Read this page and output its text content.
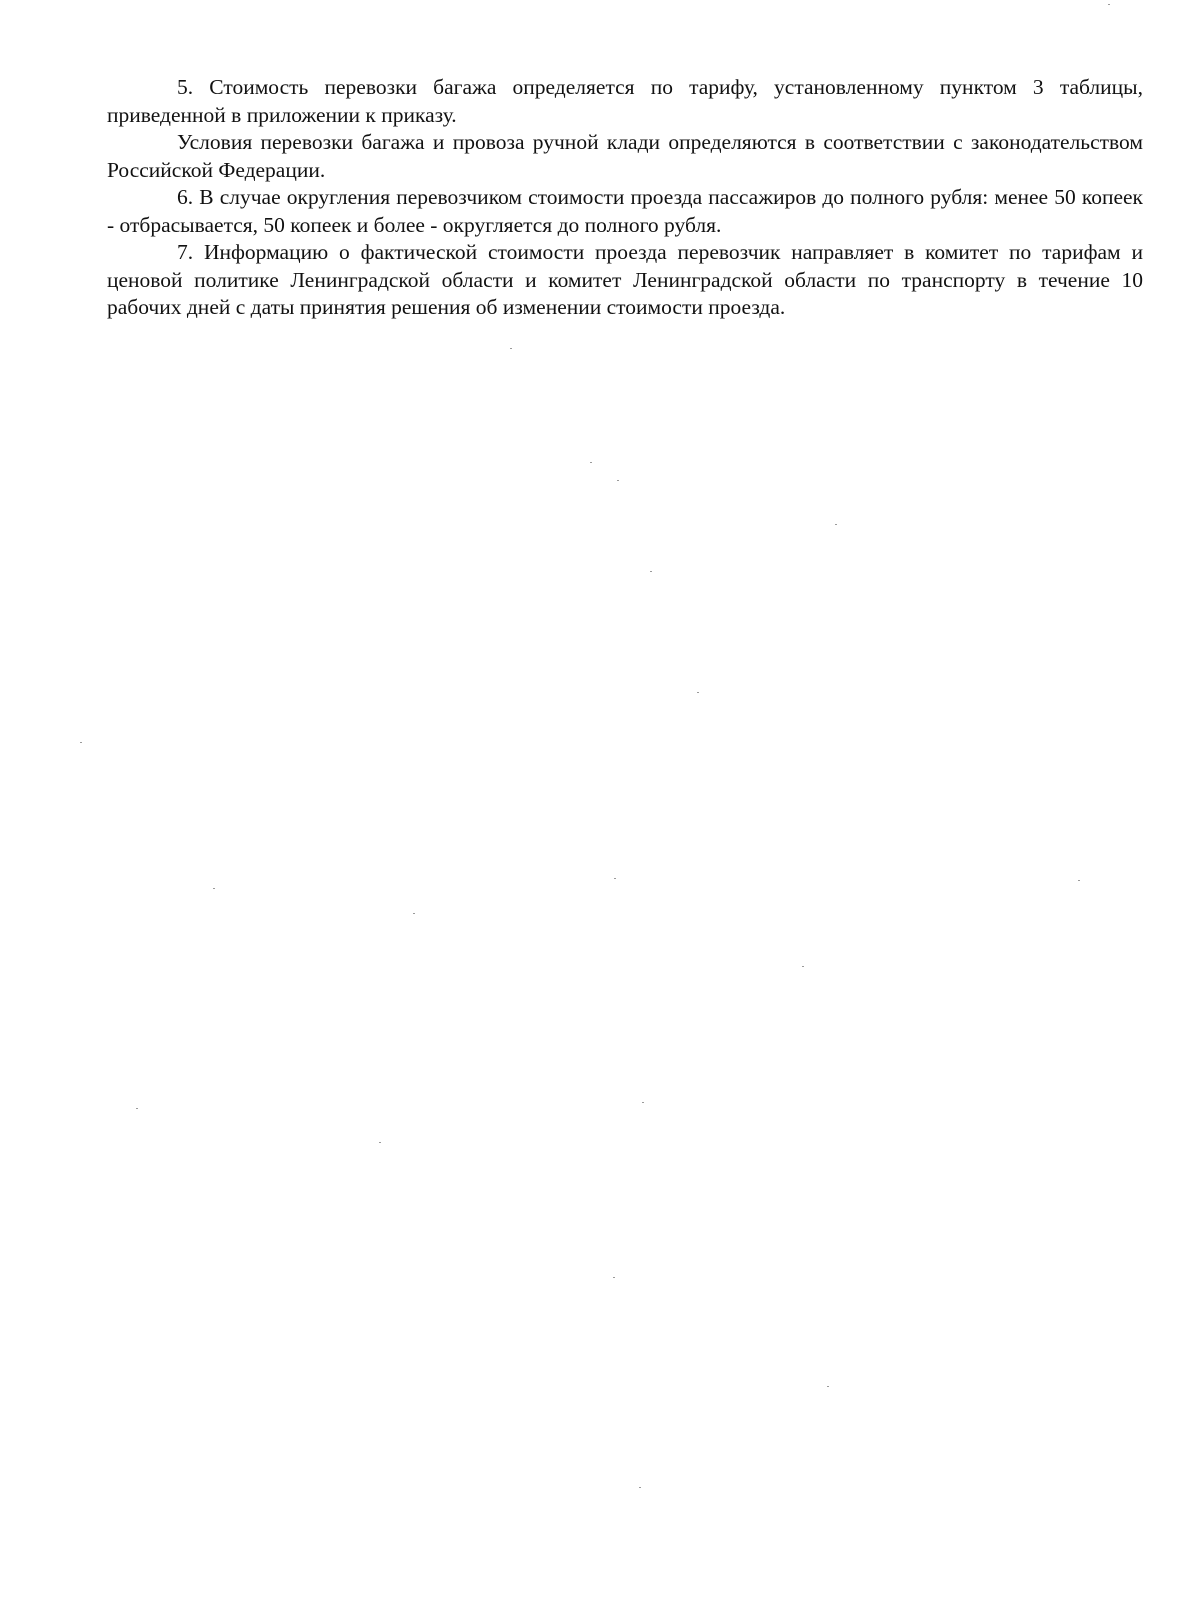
5. Стоимость перевозки багажа определяется по тарифу, установленному пунктом 3 таблицы, приведенной в приложении к приказу.

Условия перевозки багажа и провоза ручной клади определяются в соответствии с законодательством Российской Федерации.

6. В случае округления перевозчиком стоимости проезда пассажиров до полного рубля: менее 50 копеек - отбрасывается, 50 копеек и более - округляется до полного рубля.

7. Информацию о фактической стоимости проезда перевозчик направляет в комитет по тарифам и ценовой политике Ленинградской области и комитет Ленинградской области по транспорту в течение 10 рабочих дней с даты принятия решения об изменении стоимости проезда.
